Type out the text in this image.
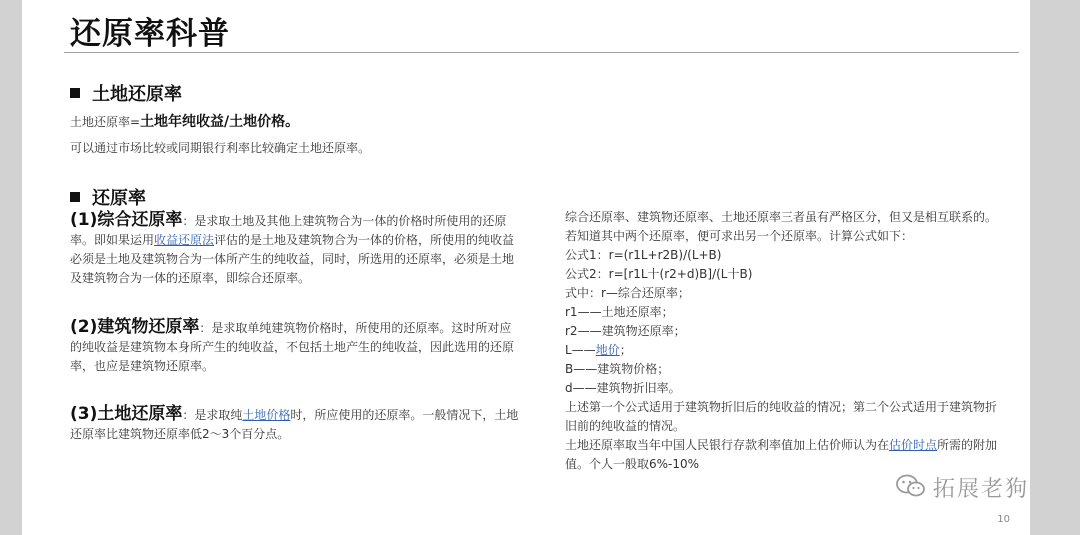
还原率科普
土地还原率
土地还原率=土地年纯收益/土地价格。
可以通过市场比较或同期银行利率比较确定土地还原率。
还原率
(1)综合还原率：是求取土地及其他上建筑物合为一体的价格时所使用的还原率。即如果运用收益还原法评估的是土地及建筑物合为一体的价格，所使用的纯收益必须是土地及建筑物合为一体所产生的纯收益，同时，所选用的还原率，必须是土地及建筑物合为一体的还原率，即综合还原率。
(2)建筑物还原率：是求取单纯建筑物价格时，所使用的还原率。这时所对应的纯收益是建筑物本身所产生的纯收益，不包括土地产生的纯收益，因此选用的还原率，也应是建筑物还原率。
(3)土地还原率：是求取纯土地价格时，所应使用的还原率。一般情况下，土地还原率比建筑物还原率低2～3个百分点。
综合还原率、建筑物还原率、土地还原率三者虽有严格区分，但又是相互联系的。
若知道其中两个还原率，便可求出另一个还原率。计算公式如下：
公式1：r=(r1L+r2B)/(L+B)
公式2：r=[r1L十(r2+d)B]/(L十B)
式中：r—综合还原率；
r1——土地还原率；
r2——建筑物还原率；
L——地价；
B——建筑物价格；
d——建筑物折旧率。
上述第一个公式适用于建筑物折旧后的纯收益的情况；第二个公式适用于建筑物折旧前的纯收益的情况。
土地还原率取当年中国人民银行存款利率值加上估价师认为在估价时点所需的附加值。个人一般取6%-10%
10
拓展老狗
